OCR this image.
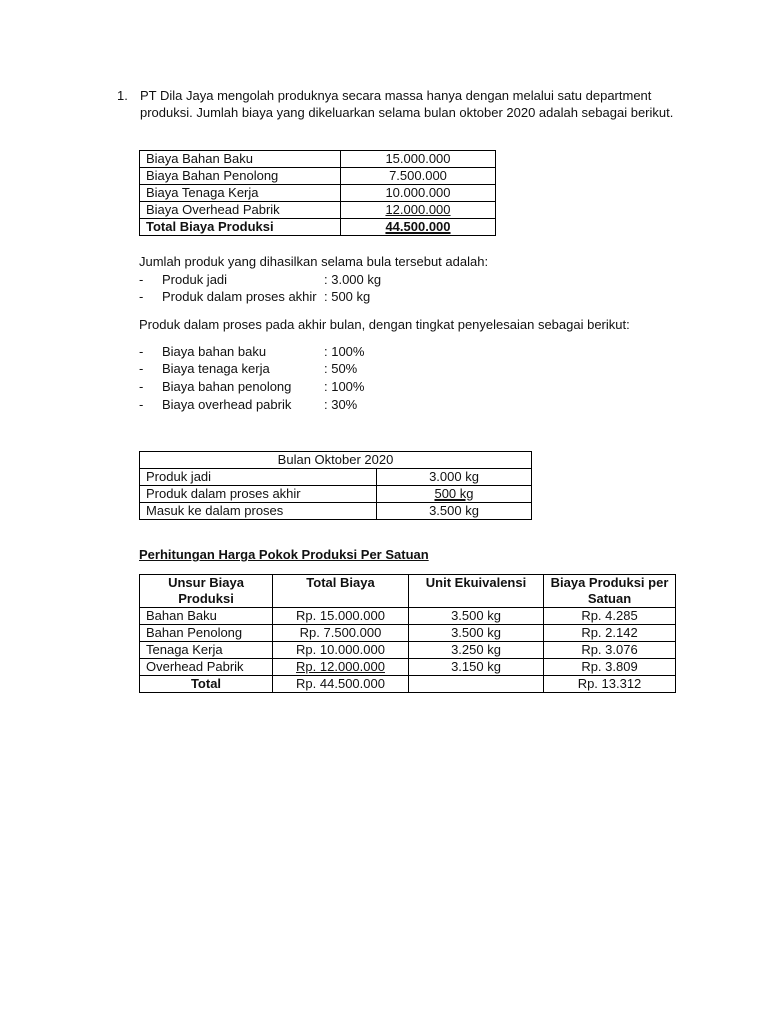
1. PT Dila Jaya mengolah produknya secara massa hanya dengan melalui satu department
produksi. Jumlah biaya yang dikeluarkan selama bulan oktober 2020 adalah sebagai berikut.
Biaya Bahan Baku	15.000.000
Biaya Bahan Penolong	7.500.000
Biaya Tenaga Kerja	10.000.000
Biaya Overhead Pabrik	12.000.000
Total Biaya Produksi	44.500.000
Jumlah produk yang dihasilkan selama bula tersebut adalah:
- Produk jadi	: 3.000 kg
- Produk dalam proses akhir : 500 kg
Produk dalam proses pada akhir bulan, dengan tingkat penyelesaian sebagai berikut:
- Biaya bahan baku	: 100%
- Biaya tenaga kerja	: 50%
- Biaya bahan penolong	: 100%
- Biaya overhead pabrik	: 30%
Bulan Oktober 2020	
Produk jadi	3.000 kg
Produk dalam proses akhir	500 kg
Masuk ke dalam proses	3.500 kg
Perhitungan Harga Pokok Produksi Per Satuan
Unsur Biaya Produksi	Total Biaya	Unit Ekuivalensi	Biaya Produksi per Satuan
Bahan Baku	Rp. 15.000.000	3.500 kg	Rp. 4.285
Bahan Penolong	Rp. 7.500.000	3.500 kg	Rp. 2.142
Tenaga Kerja	Rp. 10.000.000	3.250 kg	Rp. 3.076
Overhead Pabrik	Rp. 12.000.000	3.150 kg	Rp. 3.809
Total	Rp. 44.500.000		Rp. 13.312
